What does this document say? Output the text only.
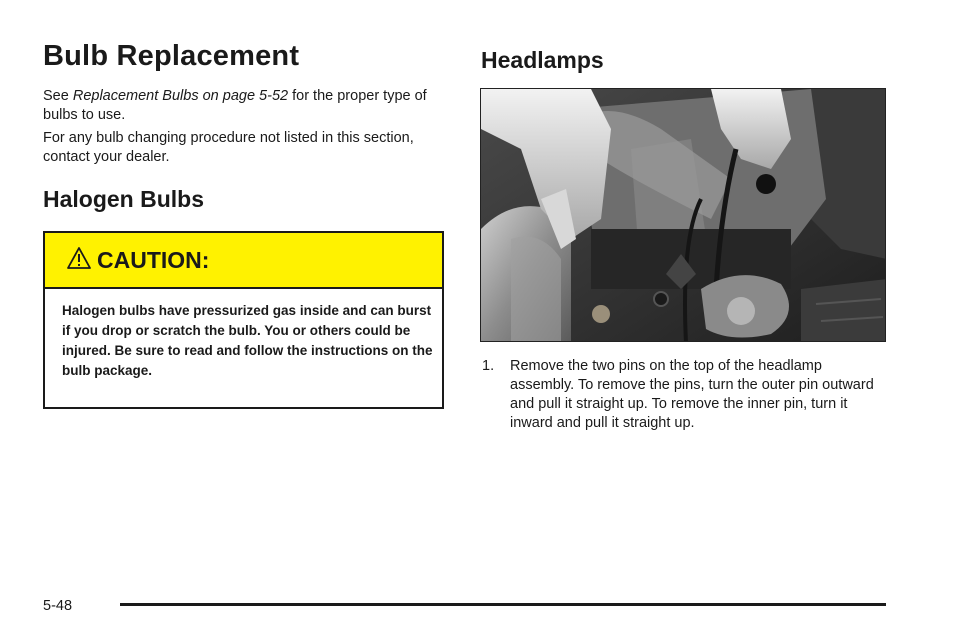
Bulb Replacement

See Replacement Bulbs on page 5-52 for the proper type of bulbs to use.

For any bulb changing procedure not listed in this section, contact your dealer.

Halogen Bulbs
CAUTION:
Halogen bulbs have pressurized gas inside and can burst if you drop or scratch the bulb. You or others could be injured. Be sure to read and follow the instructions on the bulb package.
Headlamps
1. Remove the two pins on the top of the headlamp assembly. To remove the pins, turn the outer pin outward and pull it straight up. To remove the inner pin, turn it inward and pull it straight up.
5-48
